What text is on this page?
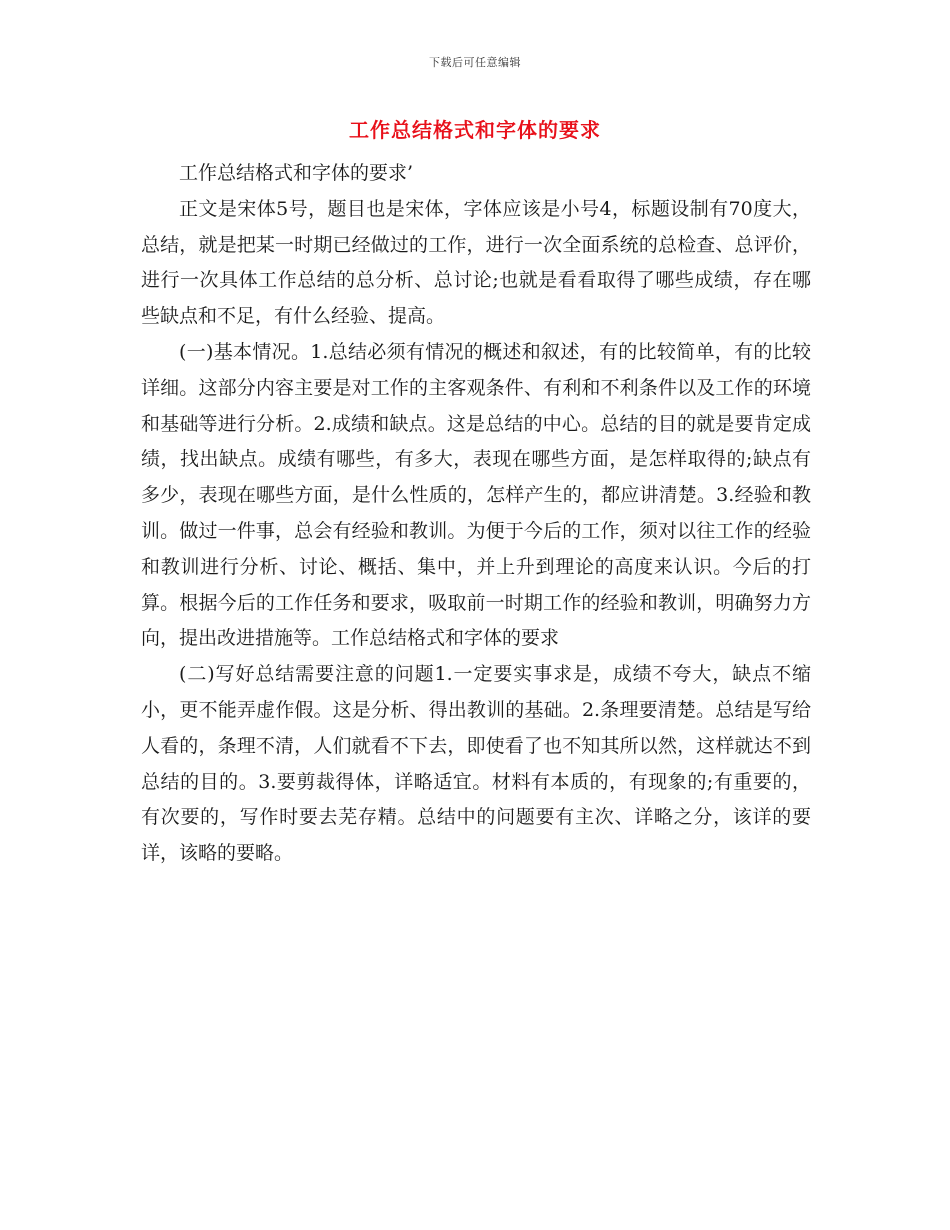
下载后可任意编辑
工作总结格式和字体的要求

工作总结格式和字体的要求’

正文是宋体5号，题目也是宋体，字体应该是小号4，标题设制有70度大，总结，就是把某一时期已经做过的工作，进行一次全面系统的总检查、总评价，进行一次具体工作总结的总分析、总讨论;也就是看看取得了哪些成绩，存在哪些缺点和不足，有什么经验、提高。

(一)基本情况。1.总结必须有情况的概述和叙述，有的比较简单，有的比较详细。这部分内容主要是对工作的主客观条件、有利和不利条件以及工作的环境和基础等进行分析。2.成绩和缺点。这是总结的中心。总结的目的就是要肯定成绩，找出缺点。成绩有哪些，有多大，表现在哪些方面，是怎样取得的;缺点有多少，表现在哪些方面，是什么性质的，怎样产生的，都应讲清楚。3.经验和教训。做过一件事，总会有经验和教训。为便于今后的工作，须对以往工作的经验和教训进行分析、讨论、概括、集中，并上升到理论的高度来认识。今后的打算。根据今后的工作任务和要求，吸取前一时期工作的经验和教训，明确努力方向，提出改进措施等。工作总结格式和字体的要求

(二)写好总结需要注意的问题1.一定要实事求是，成绩不夸大，缺点不缩小，更不能弄虚作假。这是分析、得出教训的基础。2.条理要清楚。总结是写给人看的，条理不清，人们就看不下去，即使看了也不知其所以然，这样就达不到总结的目的。3.要剪裁得体，详略适宜。材料有本质的，有现象的;有重要的，有次要的，写作时要去芜存精。总结中的问题要有主次、详略之分，该详的要详，该略的要略。
